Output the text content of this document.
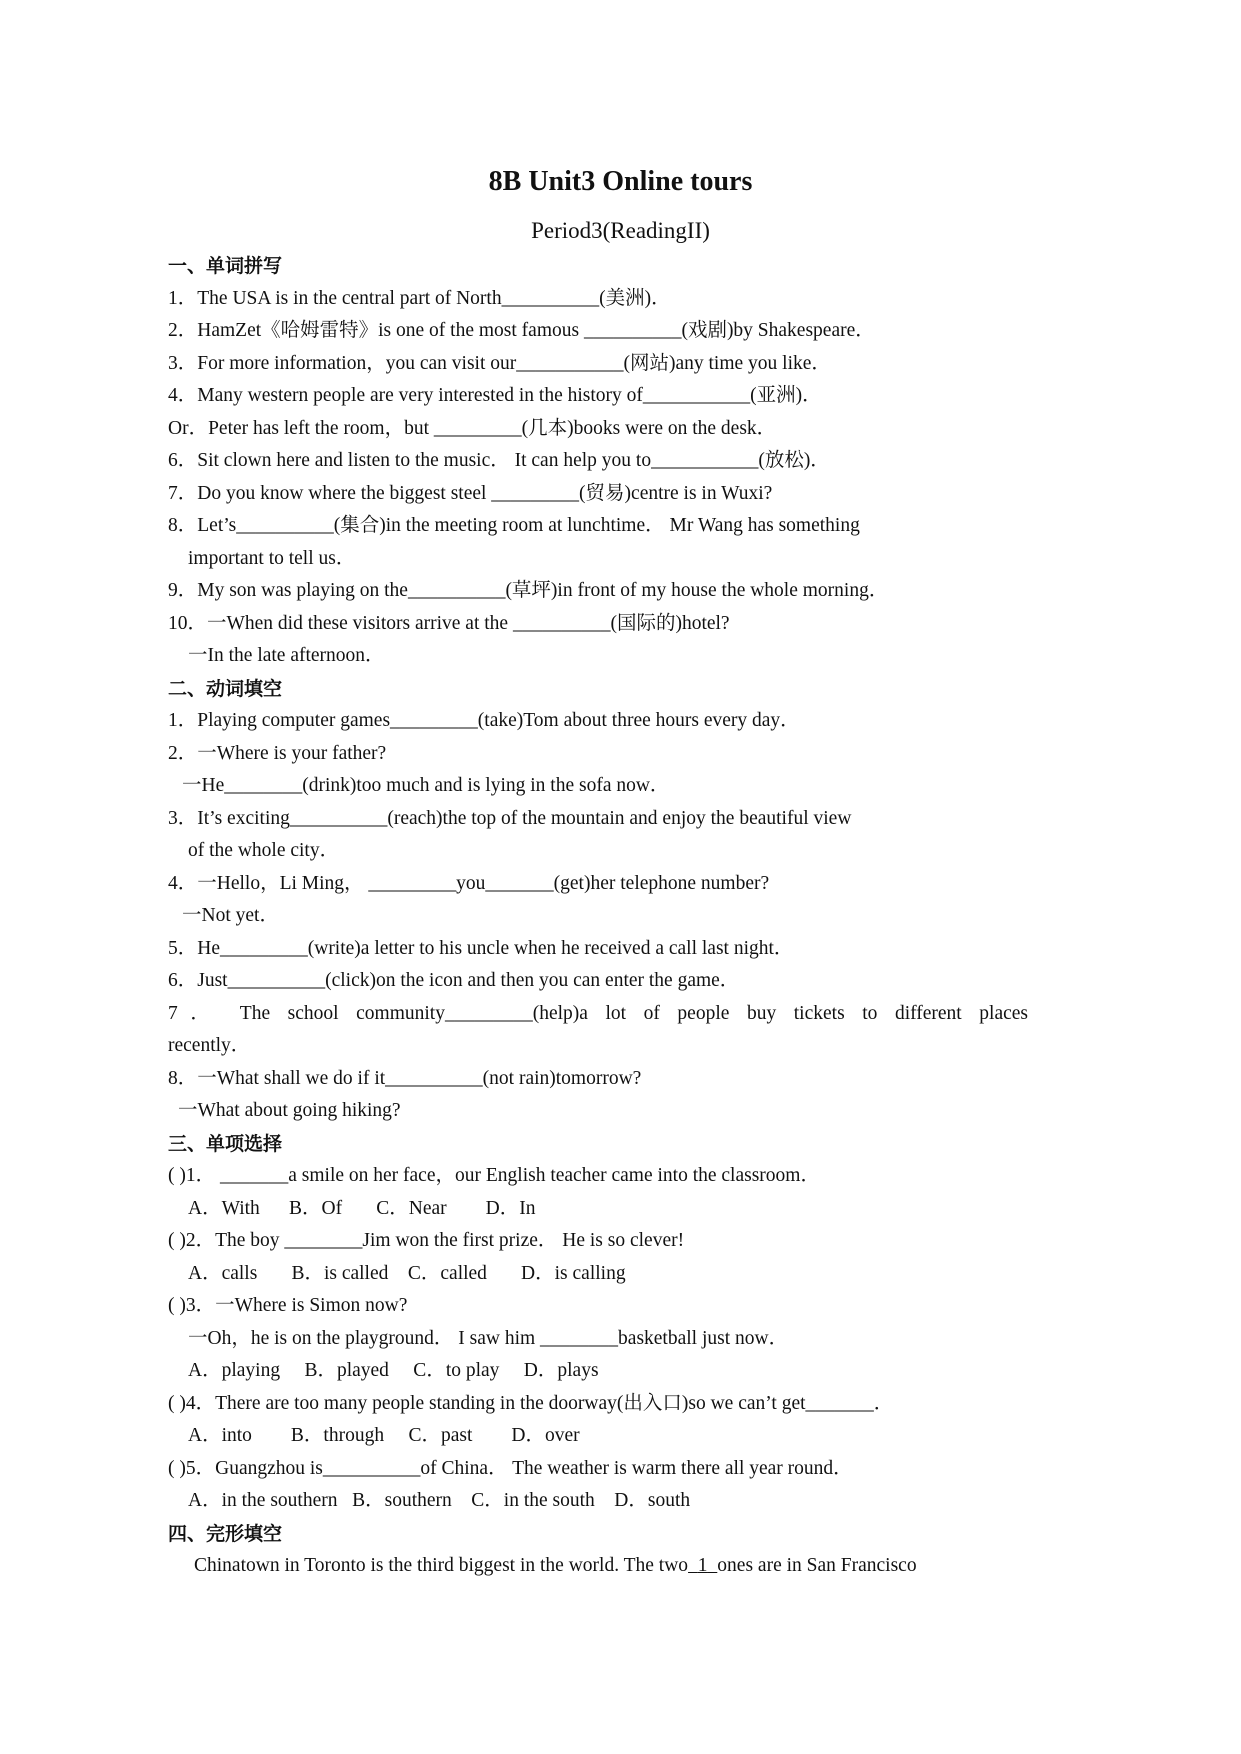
8B Unit3 Online tours
Period3(ReadingII)
一、单词拼写
1．The USA is in the central part of North__________(美洲)．
2．HamZet《哈姆雷特》is one of the most famous __________(戏剧)by Shakespeare．
3．For more information，you can visit our___________(网站)any time you like．
4．Many western people are very interested in the history of___________(亚洲)．
Or．Peter has left the room，but _________(几本)books were on the desk．
6．Sit clown here and listen to the music． It can help you to___________(放松)．
7．Do you know where the biggest steel _________(贸易)centre is in Wuxi?
8．Let’s__________(集合)in the meeting room at lunchtime． Mr Wang has something
important to tell us．
9．My son was playing on the__________(草坪)in front of my house the whole morning．
10．一When did these visitors arrive at the __________(国际的)hotel?
一In the late afternoon．
二、动词填空
1．Playing computer games_________(take)Tom about three hours every day．
2．一Where is your father?
一He________(drink)too much and is lying in the sofa now．
3．It’s exciting__________(reach)the top of the mountain and enjoy the beautiful view
of the whole city．
4．一Hello，Li Ming， _________you_______(get)her telephone number?
一Not yet．
5．He_________(write)a letter to his uncle when he received a call last night．
6．Just__________(click)on the icon and then you can enter the game．
7． The school community_________(help)a lot of people buy tickets to different places
recently．
8．一What shall we do if it__________(not rain)tomorrow?
一What about going hiking?
三、单项选择
( )1． _______a smile on her face，our English teacher came into the classroom．
A．With      B．Of       C．Near        D．In
( )2．The boy ________Jim won the first prize． He is so clever!
A．calls       B．is called    C．called       D．is calling
( )3．一Where is Simon now?
一Oh，he is on the playground． I saw him ________basketball just now．
A．playing     B．played     C．to play     D．plays
( )4．There are too many people standing in the doorway(出入口)so we can’t get_______．
A．into        B．through     C．past        D．over
( )5．Guangzhou is__________of China． The weather is warm there all year round．
A．in the southern   B．southern    C．in the south    D．south
四、完形填空
Chinatown in Toronto is the third biggest in the world. The two 1 ones are in San Francisco
